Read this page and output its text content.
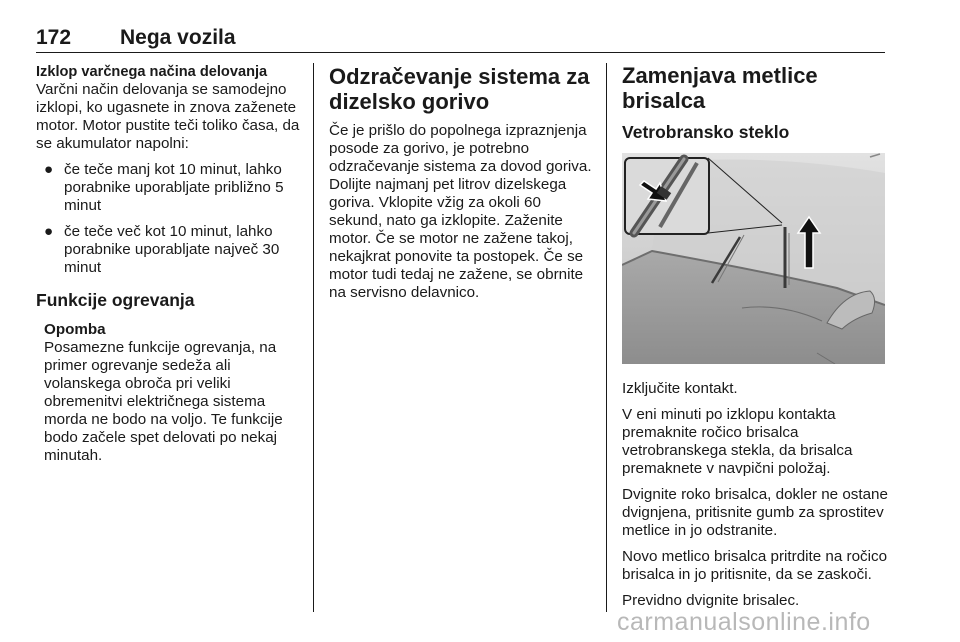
172 Nega vozila
Izklop varčnega načina delovanja

Varčni način delovanja se samodejno izklopi, ko ugasnete in znova zaženete motor. Motor pustite teči toliko časa, da se akumulator napolni:

● če teče manj kot 10 minut, lahko porabnike uporabljate približno 5 minut
● če teče več kot 10 minut, lahko porabnike uporabljate največ 30 minut
Funkcije ogrevanja
Opomba
Posamezne funkcije ogrevanja, na primer ogrevanje sedeža ali volanskega obroča pri veliki obremenitvi električnega sistema morda ne bodo na voljo. Te funkcije bodo začele spet delovati po nekaj minutah.
Odzračevanje sistema za dizelsko gorivo

Če je prišlo do popolnega izpraznjenja posode za gorivo, je potrebno odzračevanje sistema za dovod goriva. Dolijte najmanj pet litrov dizelskega goriva. Vklopite vžig za okoli 60 sekund, nato ga izklopite. Zaženite motor. Če se motor ne zažene takoj, nekajkrat ponovite ta postopek. Če se motor tudi tedaj ne zažene, se obrnite na servisno delavnico.

Zamenjava metlice brisalca
Vetrobransko steklo

Izključite kontakt.

V eni minuti po izklopu kontakta premaknite ročico brisalca vetrobranskega stekla, da brisalca premaknete v navpični položaj.

Dvignite roko brisalca, dokler ne ostane dvignjena, pritisnite gumb za sprostitev metlice in jo odstranite.

Novo metlico brisalca pritrdite na ročico brisalca in jo pritisnite, da se zaskoči.

Previdno dvignite brisalec.

carmanualsonline.info
